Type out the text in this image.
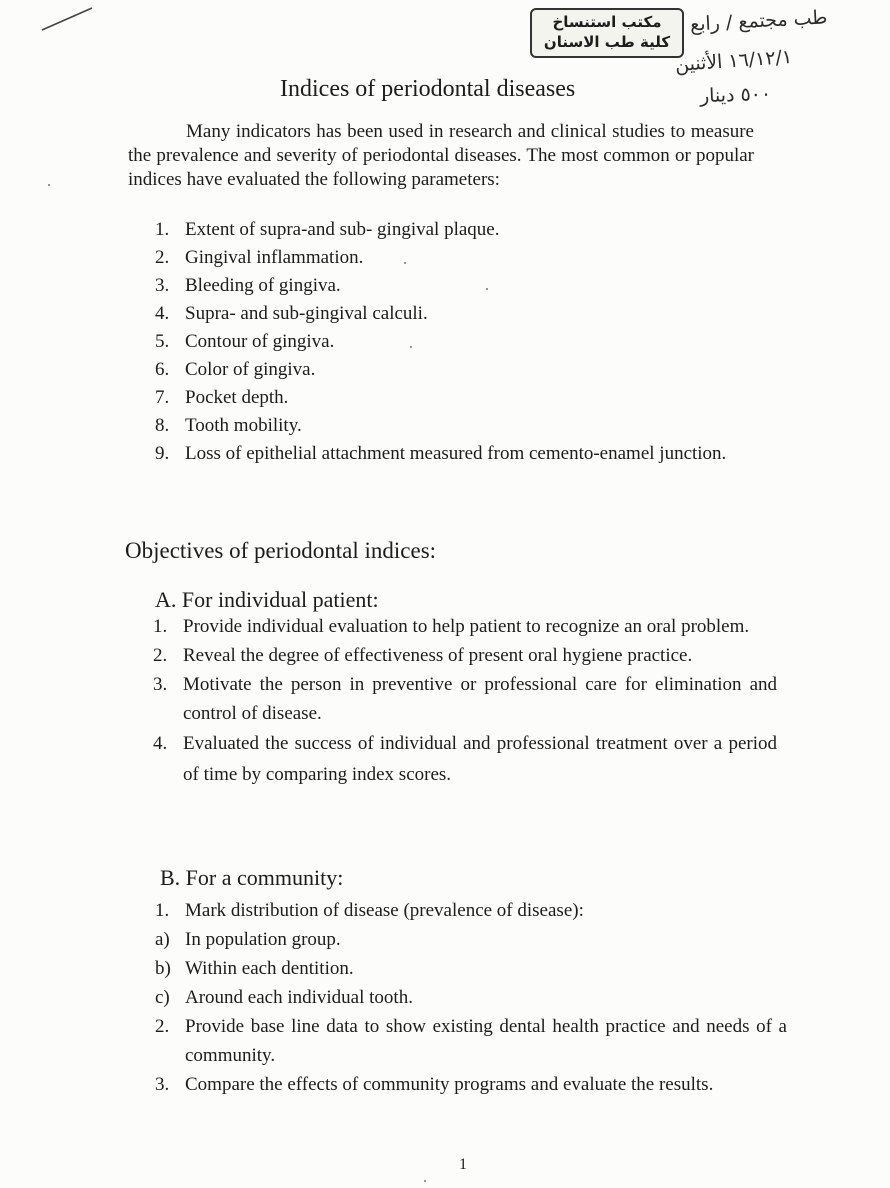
مكتب استنساخ
كلية طب الاسنان
طب مجتمع / رابع
١٦/١٢/١ الأثنين
٥٠٠ دينار
Indices of periodontal diseases

Many indicators has been used in research and clinical studies to measure the prevalence and severity of periodontal diseases. The most common or popular indices have evaluated the following parameters:

1. Extent of supra-and sub- gingival plaque.
2. Gingival inflammation.
3. Bleeding of gingiva.
4. Supra- and sub-gingival calculi.
5. Contour of gingiva.
6. Color of gingiva.
7. Pocket depth.
8. Tooth mobility.
9. Loss of epithelial attachment measured from cemento-enamel junction.
Objectives of periodontal indices:
A. For individual patient:
1. Provide individual evaluation to help patient to recognize an oral problem.
2. Reveal the degree of effectiveness of present oral hygiene practice.
3. Motivate the person in preventive or professional care for elimination and control of disease.
4. Evaluated the success of individual and professional treatment over a period of time by comparing index scores.
B. For a community:
1. Mark distribution of disease (prevalence of disease):
a) In population group.
b) Within each dentition.
c) Around each individual tooth.
2. Provide base line data to show existing dental health practice and needs of a community.
3. Compare the effects of community programs and evaluate the results.
1
